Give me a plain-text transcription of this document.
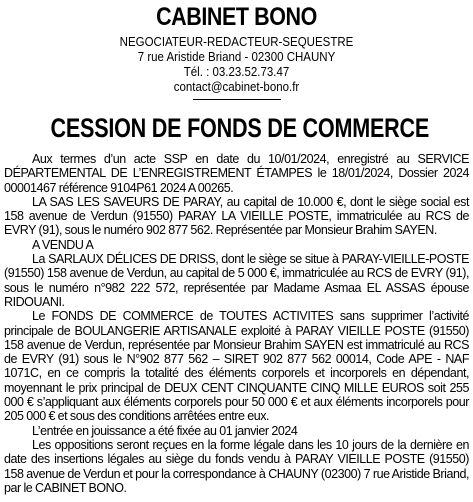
CABINET BONO
NEGOCIATEUR-REDACTEUR-SEQUESTRE
7 rue Aristide Briand - 02300 CHAUNY
Tél. : 03.23.52.73.47
contact@cabinet-bono.fr
CESSION DE FONDS DE COMMERCE

Aux termes d’un acte SSP en date du 10/01/2024, enregistré au SERVICE DÉPARTEMENTAL DE L’ENREGISTREMENT ÉTAMPES le 18/01/2024, Dossier 2024 00001467 référence 9104P61 2024 A 00265.

LA SAS LES SAVEURS DE PARAY, au capital de 10.000 €, dont le siège social est 158 avenue de Verdun (91550) PARAY LA VIEILLE POSTE, immatriculée au RCS de EVRY (91), sous le numéro 902 877 562. Représentée par Monsieur Brahim SAYEN.

A VENDU A

La SARLAUX DÉLICES DE DRISS, dont le siège se situe à PARAY-VIEILLE-POSTE (91550) 158 avenue de Verdun, au capital de 5 000 €, immatriculée au RCS de EVRY (91), sous le numéro n°982 222 572, représentée par Madame Asmaa EL ASSAS épouse RIDOUANI.

Le FONDS DE COMMERCE de TOUTES ACTIVITES sans supprimer l’activité principale de BOULANGERIE ARTISANALE exploité à PARAY VIEILLE POSTE (91550) 158 avenue de Verdun, représentée par Monsieur Brahim SAYEN est immatriculé au RCS de EVRY (91) sous le N°902 877 562 – SIRET 902 877 562 00014, Code APE - NAF 1071C, en ce compris la totalité des éléments corporels et incorporels en dépendant, moyennant le prix principal de DEUX CENT CINQUANTE CINQ MILLE EUROS soit 255 000 € s’appliquant aux éléments corporels pour 50 000 € et aux éléments incorporels pour 205 000 € et sous des conditions arrêtées entre eux.

L’entrée en jouissance a été fixée au 01 janvier 2024

Les oppositions seront reçues en la forme légale dans les 10 jours de la dernière en date des insertions légales au siège du fonds vendu à PARAY VIEILLE POSTE (91550) 158 avenue de Verdun et pour la correspondance à CHAUNY (02300) 7 rue Aristide Briand, par le CABINET BONO.
